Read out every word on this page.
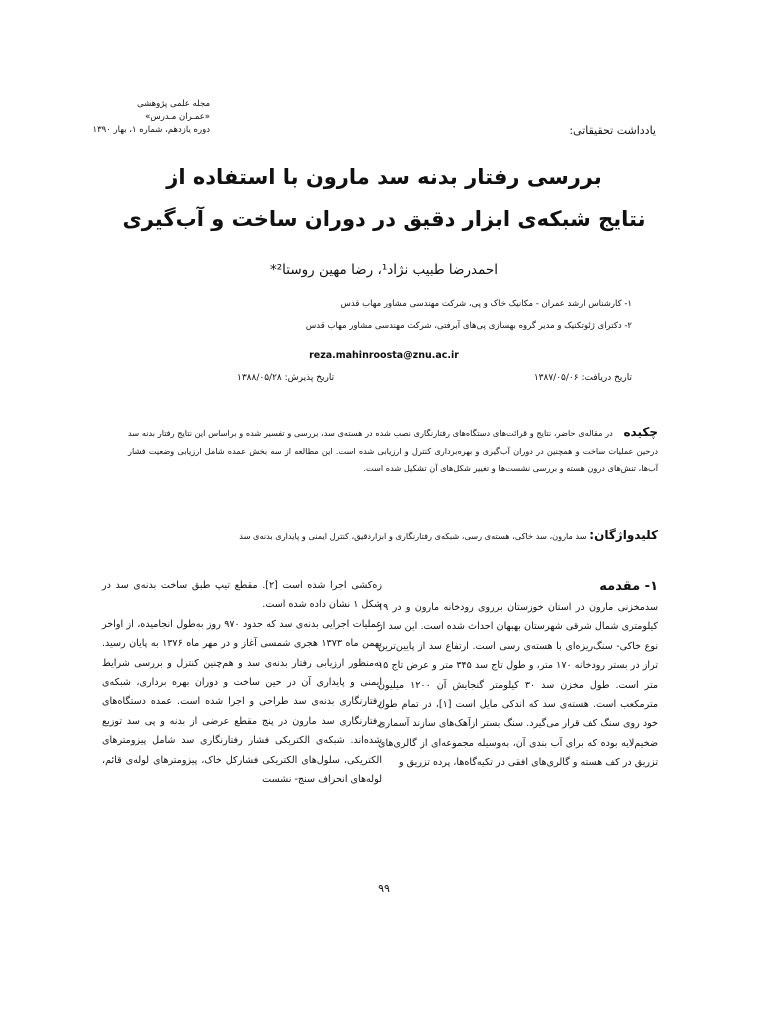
مجله علمی پژوهشی
«عمـران مـدرس»
دوره یازدهم، شماره ۱، بهار ۱۳۹۰	یادداشت تحقیقاتی:
بررسی رفتار بدنه سد مارون با استفاده از
نتایج شبکه‌ی ابزار دقیق در دوران ساخت و آب‌گیری
احمدرضا طبیب نژاد¹، رضا مهین روستا²*
۱- کارشناس ارشد عمران - مکانیک خاک و پی، شرکت مهندسی مشاور مهاب قدس
۲- دکترای ژئوتکنیک و مدیر گروه بهسازی پی‌های آبرفتی، شرکت مهندسی مشاور مهاب قدس
reza.mahinroosta@znu.ac.ir
تاریخ دریافت: ۱۳۸۷/۰۵/۰۶
تاریخ پذیرش: ۱۳۸۸/۰۵/۲۸
چکیده در مقاله‌ی حاضر، نتایج و قرائت‌های دستگاه‌های رفتارنگاری نصب شده در هسته‌ی سد، بررسی و تفسیر شده و براساس این نتایج رفتار بدنه سد درحین عملیات ساخت و همچنین در دوران آب‌گیری و بهره‌برداری کنترل و ارزیابی شده است. این مطالعه از سه بخش عمده شامل ارزیابی وضعیت فشار آب‌ها، تنش‌های درون هسته و بررسی نشست‌ها و تغییر شکل‌های آن تشکیل شده است.
کلیدواژگان: سد مارون، سد خاکی، هسته‌ی رسی، شبکه‌ی رفتارنگاری و ابزاردقیق، کنترل ایمنی و پایداری بدنه‌ی سد
۱- مقدمه

سدمخزنی مارون در استان خوزستان برروی رودخانه مارون و در ۱۹ کیلومتری شمال شرقی شهرستان بهبهان احداث شده است. این سد از نوع خاکی- سنگ‌ریزه‌ای با هسته‌ی رسی است. ارتفاع سد از پایین‌ترین تراز در بستر رودخانه ۱۷۰ متر، و طول تاج سد ۳۴۵ متر و عرض تاج ۱۵ متر است. طول مخزن سد ۳۰ کیلومتر گنجایش آن ۱۲۰۰ میلیون مترمکعب است. هسته‌ی سد که اندکی مایل است [۱]، در تمام طول خود روی سنگ کف قرار می‌گیرد. سنگ بستر ازآهک‌های سازند آسماری ضخیم‌لایه بوده که برای آب بندی آن، به‌وسیله مجموعه‌ای از گالری‌های تزریق در کف هسته و گالری‌های افقی در تکیه‌گاه‌ها، پرده تزریق و

زه‌کشی اجرا شده است [۲]. مقطع تیپ طبق ساخت بدنه‌ی سد در شکل ۱ نشان داده شده است.

عملیات اجرایی بدنه‌ی سد که حدود ۹۷۰ روز به‌طول انجامیده، از اواخر بهمن ماه ۱۳۷۳ هجری شمسی آغاز و در مهر ماه ۱۳۷۶ به پایان رسید. به‌منظور ارزیابی رفتار بدنه‌ی سد و هم‌چنین کنترل و بررسی شرایط ایمنی و پایداری آن در حین ساخت و دوران بهره برداری، شبکه‌ی رفتارنگاری بدنه‌ی سد طراحی و اجرا شده است. عمده دستگاه‌های رفتارنگاری سد مارون در پنج مقطع عرضی از بدنه و پی سد توزیع شده‌اند. شبکه‌ی الکتریکی فشار رفتارنگاری سد شامل پیزومترهای الکتریکی، سلول‌های الکتریکی فشارکل خاک، پیزومترهای لوله‌ی قائم، لوله‌های انحراف سنج- نشست

۹۹
